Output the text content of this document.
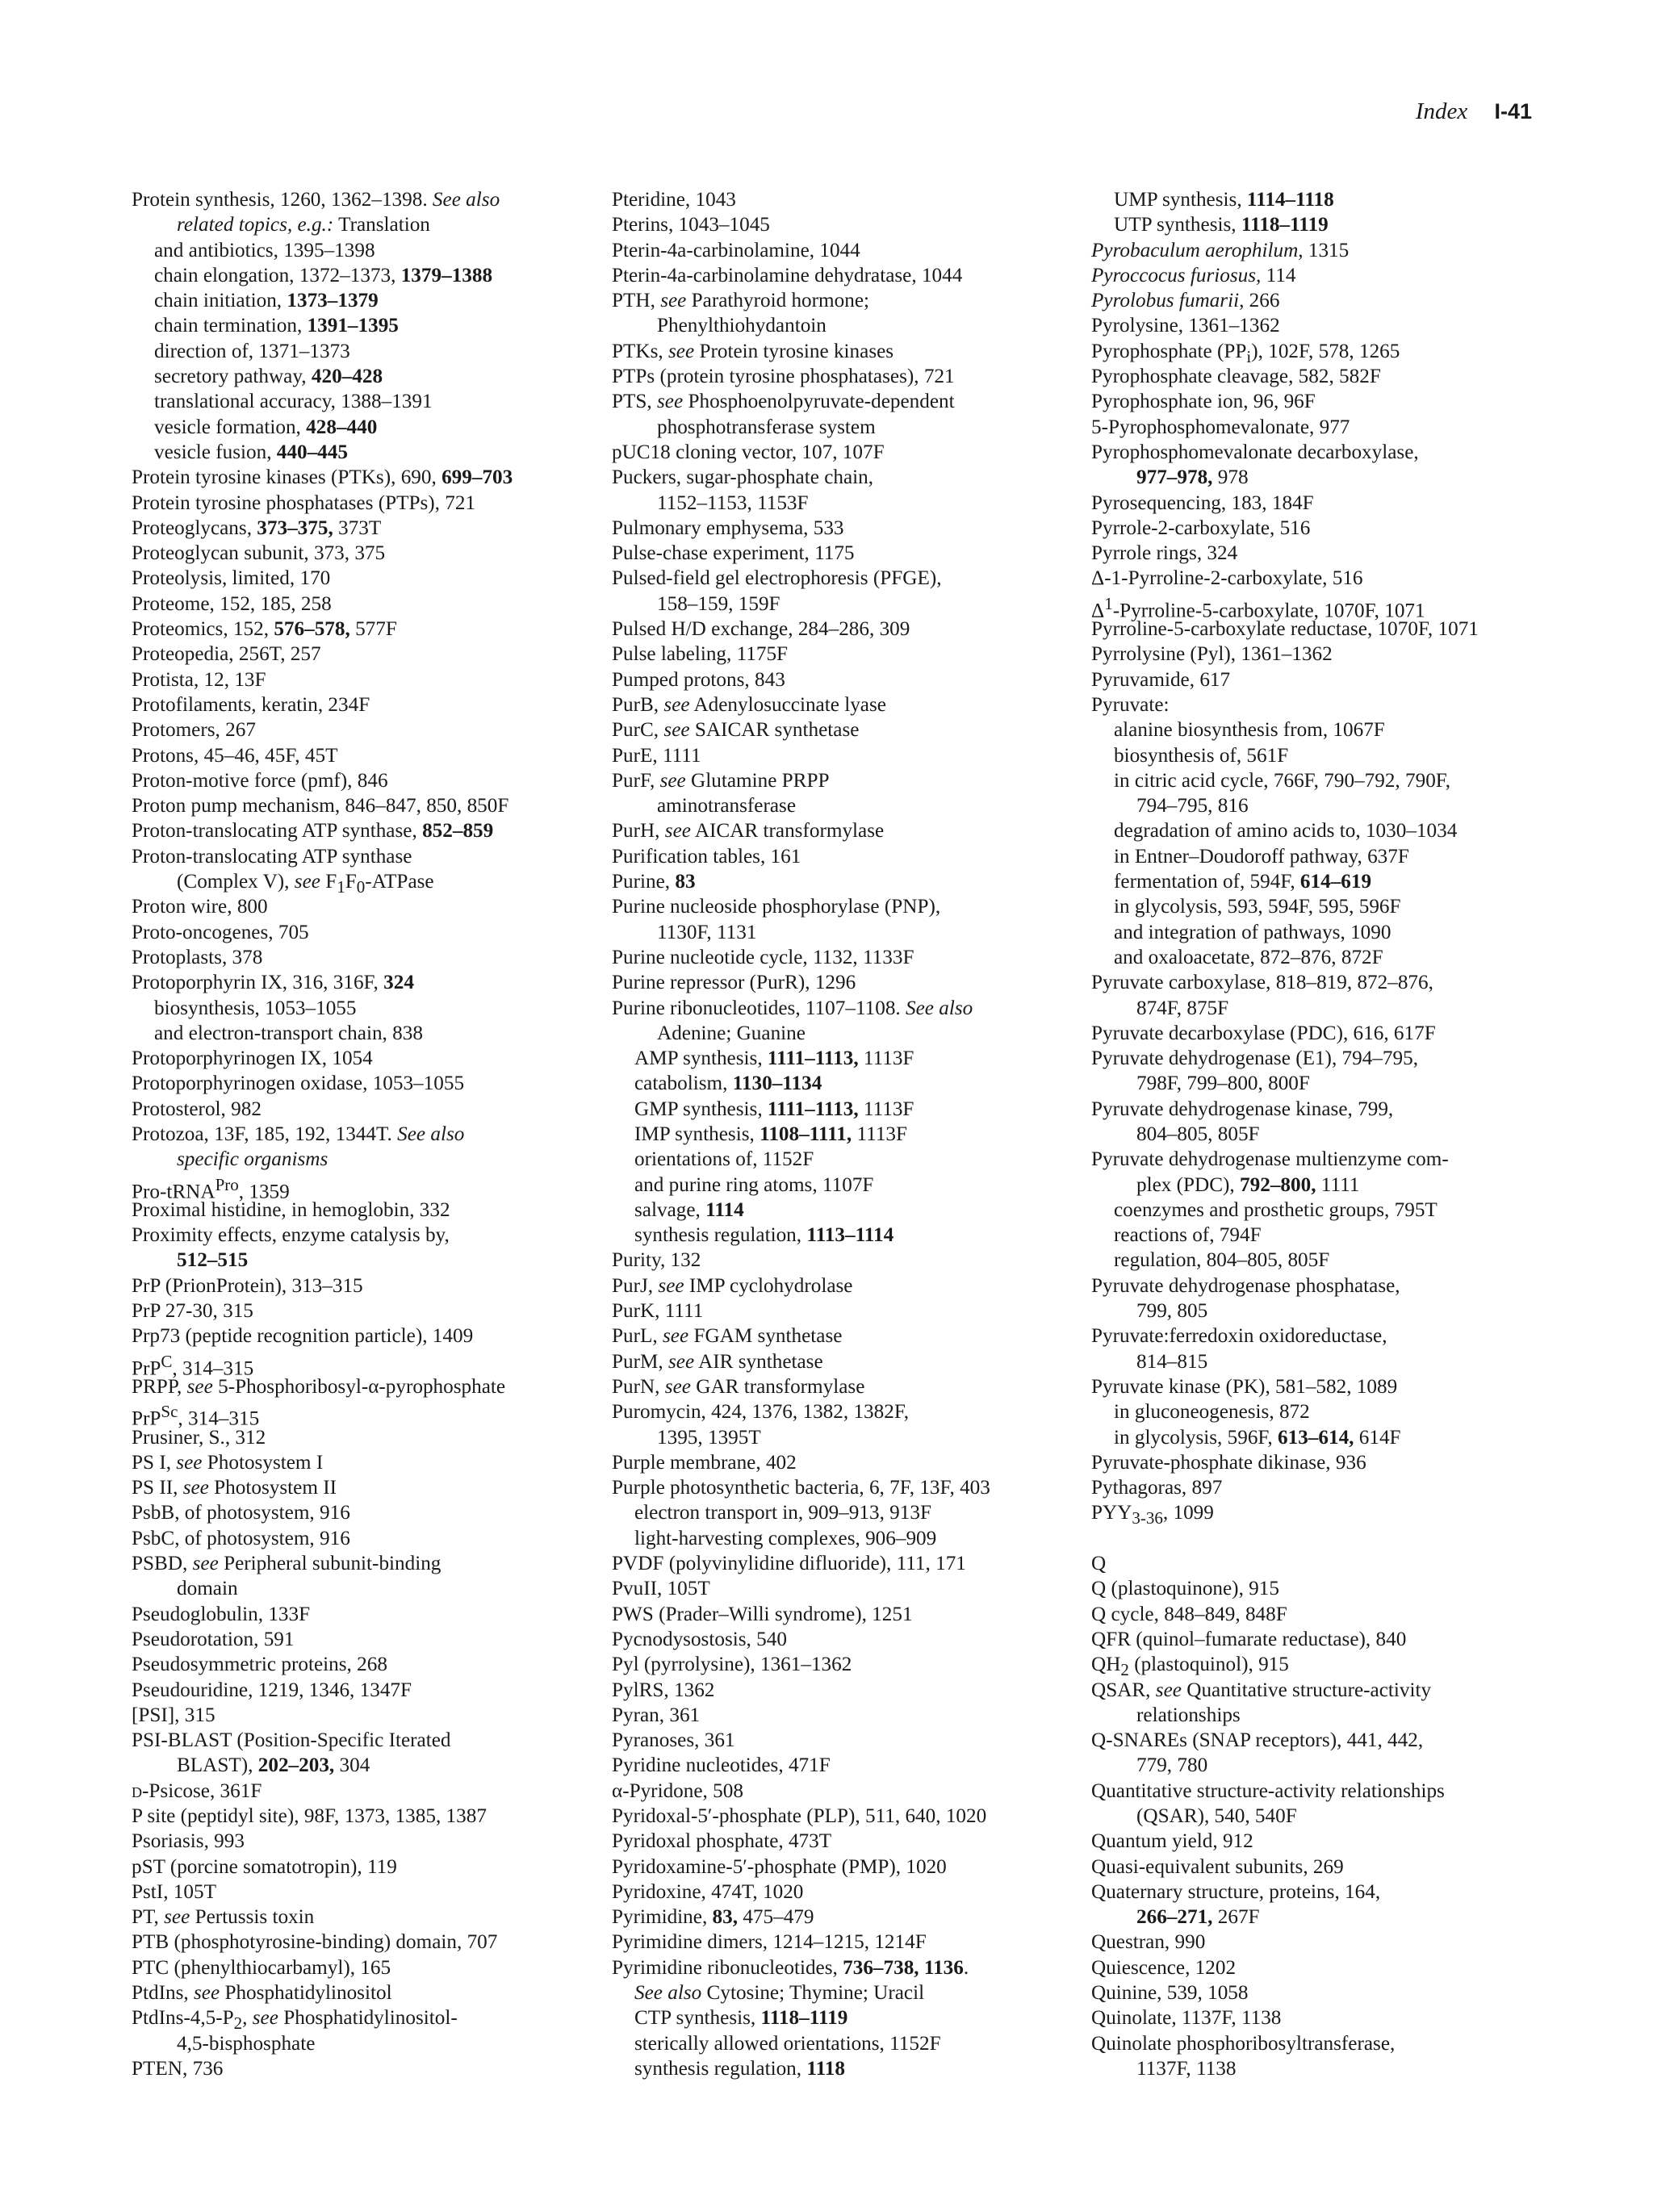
Index I-41
Protein synthesis, 1260, 1362–1398. See also
related topics, e.g.: Translation
and antibiotics, 1395–1398
chain elongation, 1372–1373, 1379–1388
chain initiation, 1373–1379
chain termination, 1391–1395
direction of, 1371–1373
secretory pathway, 420–428
translational accuracy, 1388–1391
vesicle formation, 428–440
vesicle fusion, 440–445
Protein tyrosine kinases (PTKs), 690, 699–703
Protein tyrosine phosphatases (PTPs), 721
Proteoglycans, 373–375, 373T
Proteoglycan subunit, 373, 375
Proteolysis, limited, 170
Proteome, 152, 185, 258
Proteomics, 152, 576–578, 577F
Proteopedia, 256T, 257
Protista, 12, 13F
Protofilaments, keratin, 234F
Protomers, 267
Protons, 45–46, 45F, 45T
Proton-motive force (pmf), 846
Proton pump mechanism, 846–847, 850, 850F
Proton-translocating ATP synthase, 852–859
Proton-translocating ATP synthase
(Complex V), see $F_1F_0$-ATPase
Proton wire, 800
Proto-oncogenes, 705
Protoplasts, 378
Protoporphyrin IX, 316, 316F, 324
biosynthesis, 1053–1055
and electron-transport chain, 838
Protoporphyrinogen IX, 1054
Protoporphyrinogen oxidase, 1053–1055
Protosterol, 982
Protozoa, 13F, 185, 192, 1344T. See also
specific organisms
Pro-tRNA$^{Pro}$, 1359
Proximal histidine, in hemoglobin, 332
Proximity effects, enzyme catalysis by,
512–515
PrP (PrionProtein), 313–315
PrP 27-30, 315
Prp73 (peptide recognition particle), 1409
PrP$^C$, 314–315
PRPP, see 5-Phosphoribosyl-α-pyrophosphate
PrP$^{Sc}$, 314–315
Prusiner, S., 312
PS I, see Photosystem I
PS II, see Photosystem II
PsbB, of photosystem, 916
PsbC, of photosystem, 916
PSBD, see Peripheral subunit-binding
domain
Pseudoglobulin, 133F
Pseudorotation, 591
Pseudosymmetric proteins, 268
Pseudouridine, 1219, 1346, 1347F
[PSI], 315
PSI-BLAST (Position-Specific Iterated
BLAST), 202–203, 304
d-Psicose, 361F
P site (peptidyl site), 98F, 1373, 1385, 1387
Psoriasis, 993
pST (porcine somatotropin), 119
PstI, 105T
PT, see Pertussis toxin
PTB (phosphotyrosine-binding) domain, 707
PTC (phenylthiocarbamyl), 165
PtdIns, see Phosphatidylinositol
PtdIns-$4,5-P_2$, see Phosphatidylinositol-
4,5-bisphosphate
PTEN, 736
Pteridine, 1043
Pterins, 1043–1045
Pterin-4a-carbinolamine, 1044
Pterin-4a-carbinolamine dehydratase, 1044
PTH, see Parathyroid hormone;
Phenylthiohydantoin
PTKs, see Protein tyrosine kinases
PTPs (protein tyrosine phosphatases), 721
PTS, see Phosphoenolpyruvate-dependent
phosphotransferase system
pUC18 cloning vector, 107, 107F
Puckers, sugar-phosphate chain,
1152–1153, 1153F
Pulmonary emphysema, 533
Pulse-chase experiment, 1175
Pulsed-field gel electrophoresis (PFGE),
158–159, 159F
Pulsed H/D exchange, 284–286, 309
Pulse labeling, 1175F
Pumped protons, 843
PurB, see Adenylosuccinate lyase
PurC, see SAICAR synthetase
PurE, 1111
PurF, see Glutamine PRPP
aminotransferase
PurH, see AICAR transformylase
Purification tables, 161
Purine, 83
Purine nucleoside phosphorylase (PNP),
1130F, 1131
Purine nucleotide cycle, 1132, 1133F
Purine repressor (PurR), 1296
Purine ribonucleotides, 1107–1108. See also
Adenine; Guanine
AMP synthesis, 1111–1113, 1113F
catabolism, 1130–1134
GMP synthesis, 1111–1113, 1113F
IMP synthesis, 1108–1111, 1113F
orientations of, 1152F
and purine ring atoms, 1107F
salvage, 1114
synthesis regulation, 1113–1114
Purity, 132
PurJ, see IMP cyclohydrolase
PurK, 1111
PurL, see FGAM synthetase
PurM, see AIR synthetase
PurN, see GAR transformylase
Puromycin, 424, 1376, 1382, 1382F,
1395, 1395T
Purple membrane, 402
Purple photosynthetic bacteria, 6, 7F, 13F, 403
electron transport in, 909–913, 913F
light-harvesting complexes, 906–909
PVDF (polyvinylidine difluoride), 111, 171
PvuII, 105T
PWS (Prader–Willi syndrome), 1251
Pycnodysostosis, 540
Pyl (pyrrolysine), 1361–1362
PylRS, 1362
Pyran, 361
Pyranoses, 361
Pyridine nucleotides, 471F
α-Pyridone, 508
Pyridoxal-5′-phosphate (PLP), 511, 640, 1020
Pyridoxal phosphate, 473T
Pyridoxamine-5′-phosphate (PMP), 1020
Pyridoxine, 474T, 1020
Pyrimidine, 83, 475–479
Pyrimidine dimers, 1214–1215, 1214F
Pyrimidine ribonucleotides, 736–738, 1136.
See also Cytosine; Thymine; Uracil
CTP synthesis, 1118–1119
sterically allowed orientations, 1152F
synthesis regulation, 1118
UMP synthesis, 1114–1118
UTP synthesis, 1118–1119
Pyrobaculum aerophilum, 1315
Pyroccocus furiosus, 114
Pyrolobus fumarii, 266
Pyrolysine, 1361–1362
Pyrophosphate $(PP_i)$, 102F, 578, 1265
Pyrophosphate cleavage, 582, 582F
Pyrophosphate ion, 96, 96F
5-Pyrophosphomevalonate, 977
Pyrophosphomevalonate decarboxylase,
977–978, 978
Pyrosequencing, 183, 184F
Pyrrole-2-carboxylate, 516
Pyrrole rings, 324
Δ-1-Pyrroline-2-carboxylate, 516
$\Delta^1-Pyrroline-5$-carboxylate, 1070F, 1071
Pyrroline-5-carboxylate reductase, 1070F, 1071
Pyrrolysine (Pyl), 1361–1362
Pyruvamide, 617
Pyruvate:
alanine biosynthesis from, 1067F
biosynthesis of, 561F
in citric acid cycle, 766F, 790–792, 790F,
794–795, 816
degradation of amino acids to, 1030–1034
in Entner–Doudoroff pathway, 637F
fermentation of, 594F, 614–619
in glycolysis, 593, 594F, 595, 596F
and integration of pathways, 1090
and oxaloacetate, 872–876, 872F
Pyruvate carboxylase, 818–819, 872–876,
874F, 875F
Pyruvate decarboxylase (PDC), 616, 617F
Pyruvate dehydrogenase (E1), 794–795,
798F, 799–800, 800F
Pyruvate dehydrogenase kinase, 799,
804–805, 805F
Pyruvate dehydrogenase multienzyme com-
plex (PDC), 792–800, 1111
coenzymes and prosthetic groups, 795T
reactions of, 794F
regulation, 804–805, 805F
Pyruvate dehydrogenase phosphatase,
799, 805
Pyruvate:ferredoxin oxidoreductase,
814–815
Pyruvate kinase (PK), 581–582, 1089
in gluconeogenesis, 872
in glycolysis, 596F, 613–614, 614F
Pyruvate-phosphate dikinase, 936
Pythagoras, 897
$PYY_{3-36}$, 1099
Q
Q (plastoquinone), 915
Q cycle, 848–849, 848F
QFR (quinol–fumarate reductase), 840
$QH_2$ (plastoquinol), 915
QSAR, see Quantitative structure-activity
relationships
Q-SNAREs (SNAP receptors), 441, 442,
779, 780
Quantitative structure-activity relationships
(QSAR), 540, 540F
Quantum yield, 912
Quasi-equivalent subunits, 269
Quaternary structure, proteins, 164,
266–271, 267F
Questran, 990
Quiescence, 1202
Quinine, 539, 1058
Quinolate, 1137F, 1138
Quinolate phosphoribosyltransferase,
1137F, 1138
